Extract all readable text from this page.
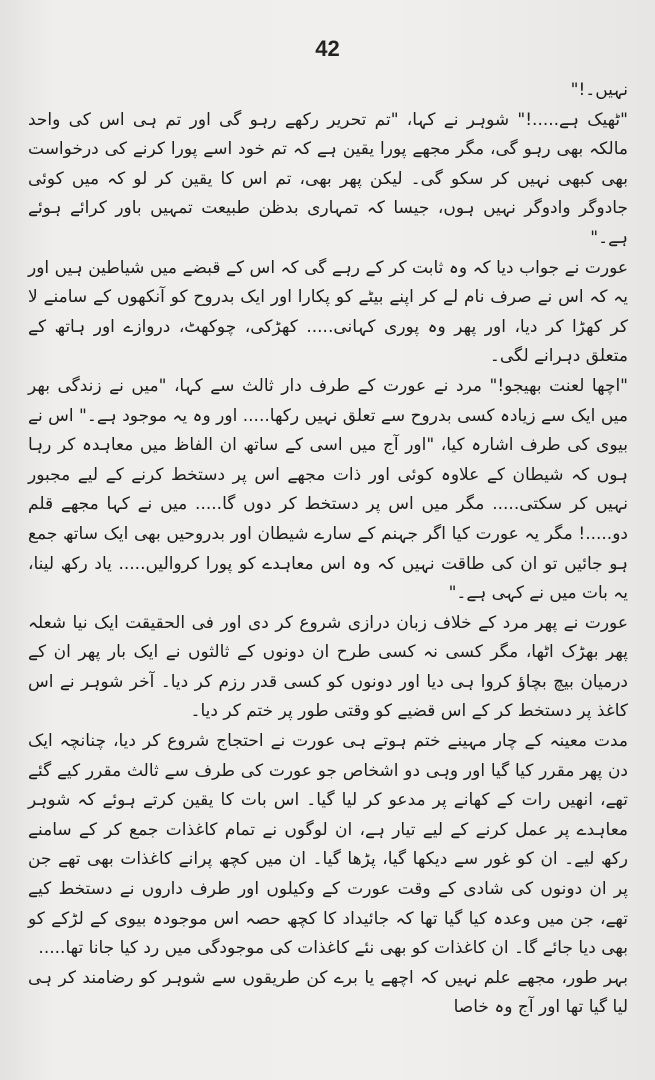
42

نہیں۔!"

"ٹھیک ہے.....!" شوہر نے کہا، "تم تحریر رکھے رہو گی اور تم ہی اس کی واحد مالکہ بھی رہو گی، مگر مجھے پورا یقین ہے کہ تم خود اسے پورا کرنے کی درخواست بھی کبھی نہیں کر سکو گی۔ لیکن پھر بھی، تم اس کا یقین کر لو کہ میں کوئی جادوگر وادوگر نہیں ہوں، جیسا کہ تمہاری بدظن طبیعت تمہیں باور کرائے ہوئے ہے۔"

عورت نے جواب دیا کہ وہ ثابت کر کے رہے گی کہ اس کے قبضے میں شیاطین ہیں اور یہ کہ اس نے صرف نام لے کر اپنے بیٹے کو پکارا اور ایک بدروح کو آنکھوں کے سامنے لا کر کھڑا کر دیا، اور پھر وہ پوری کہانی..... کھڑکی، چوکھٹ، دروازے اور ہاتھ کے متعلق دہرانے لگی۔

"اچھا لعنت بھیجو!" مرد نے عورت کے طرف دار ثالث سے کہا، "میں نے زندگی بھر میں ایک سے زیادہ کسی بدروح سے تعلق نہیں رکھا..... اور وہ یہ موجود ہے۔" اس نے بیوی کی طرف اشارہ کیا، "اور آج میں اسی کے ساتھ ان الفاظ میں معاہدہ کر رہا ہوں کہ شیطان کے علاوہ کوئی اور ذات مجھے اس پر دستخط کرنے کے لیے مجبور نہیں کر سکتی..... مگر میں اس پر دستخط کر دوں گا..... میں نے کہا مجھے قلم دو.....! مگر یہ عورت کیا اگر جہنم کے سارے شیطان اور بدروحیں بھی ایک ساتھ جمع ہو جائیں تو ان کی طاقت نہیں کہ وہ اس معاہدے کو پورا کروالیں..... یاد رکھ لینا، یہ بات میں نے کہی ہے۔"

عورت نے پھر مرد کے خلاف زبان درازی شروع کر دی اور فی الحقیقت ایک نیا شعلہ پھر بھڑک اٹھا، مگر کسی نہ کسی طرح ان دونوں کے ثالثوں نے ایک بار پھر ان کے درمیان بیچ بچاؤ کروا ہی دیا اور دونوں کو کسی قدر رزم کر دیا۔ آخر شوہر نے اس کاغذ پر دستخط کر کے اس قضیے کو وقتی طور پر ختم کر دیا۔

مدت معینہ کے چار مہینے ختم ہوتے ہی عورت نے احتجاج شروع کر دیا، چنانچہ ایک دن پھر مقرر کیا گیا اور وہی دو اشخاص جو عورت کی طرف سے ثالث مقرر کیے گئے تھے، انھیں رات کے کھانے پر مدعو کر لیا گیا۔ اس بات کا یقین کرتے ہوئے کہ شوہر معاہدے پر عمل کرنے کے لیے تیار ہے، ان لوگوں نے تمام کاغذات جمع کر کے سامنے رکھ لیے۔ ان کو غور سے دیکھا گیا، پڑھا گیا۔ ان میں کچھ پرانے کاغذات بھی تھے جن پر ان دونوں کی شادی کے وقت عورت کے وکیلوں اور طرف داروں نے دستخط کیے تھے، جن میں وعدہ کیا گیا تھا کہ جائیداد کا کچھ حصہ اس موجودہ بیوی کے لڑکے کو بھی دیا جائے گا۔ ان کاغذات کو بھی نئے کاغذات کی موجودگی میں رد کیا جانا تھا.....

بہر طور، مجھے علم نہیں کہ اچھے یا برے کن طریقوں سے شوہر کو رضامند کر ہی لیا گیا تھا اور آج وہ خاصا
